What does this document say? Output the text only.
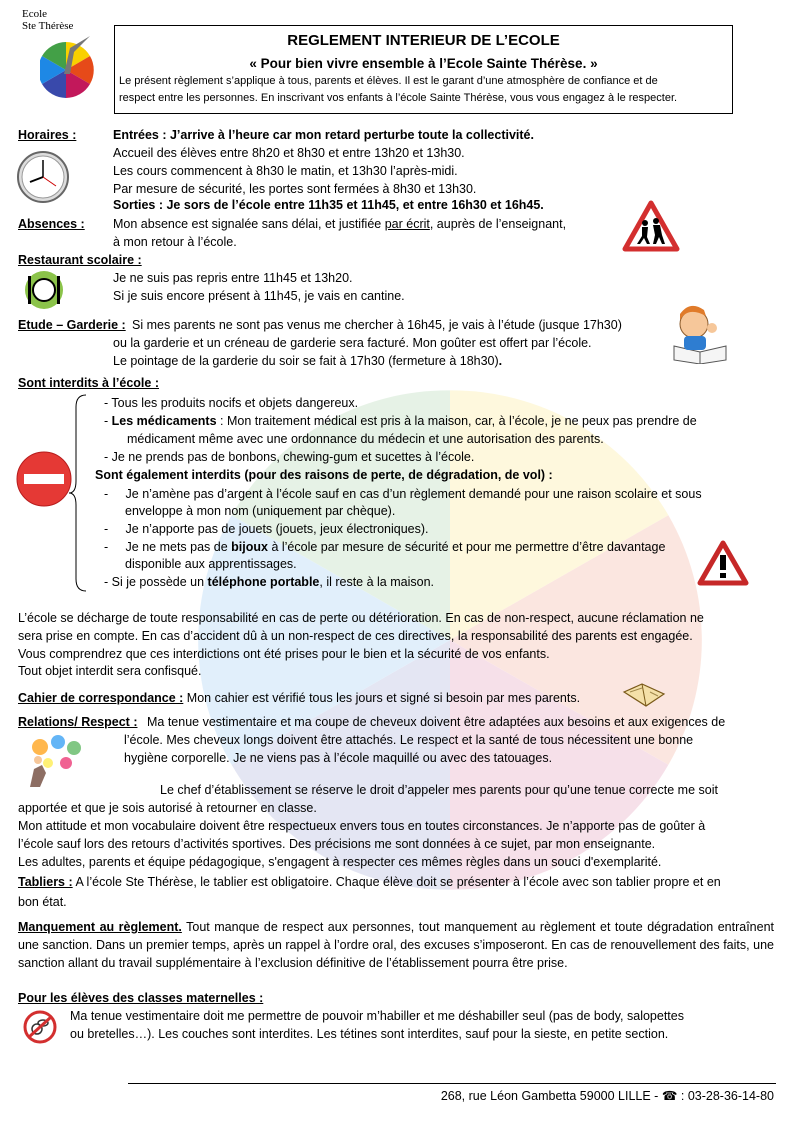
Ecole
Ste Thérèse
REGLEMENT INTERIEUR DE L’ECOLE
« Pour bien vivre ensemble à l’Ecole Sainte Thérèse. »
Le présent règlement s’applique à tous, parents et élèves. Il est le garant d’une atmosphère de confiance et de
respect entre les personnes. En inscrivant vos enfants à l’école Sainte Thérèse, vous vous engagez à le respecter.
Horaires :	Entrées : J’arrive à l’heure car mon retard perturbe toute la collectivité.
Accueil des élèves entre 8h20 et 8h30 et entre 13h20 et 13h30.
Les cours commencent à 8h30 le matin, et 13h30 l’après-midi.
Par mesure de sécurité, les portes sont fermées à 8h30 et 13h30.
Sorties : Je sors de l’école entre 11h35 et 11h45, et entre 16h30 et 16h45.
Absences : Mon absence est signalée sans délai, et justifiée par écrit, auprès de l’enseignant,
à mon retour à l’école.
Restaurant scolaire :
Je ne suis pas repris entre 11h45 et 13h20.
Si je suis encore présent à 11h45, je vais en cantine.
Etude – Garderie : Si mes parents ne sont pas venus me chercher à 16h45, je vais à l’étude (jusque 17h30)
ou la garderie et un créneau de garderie sera facturé. Mon goûter est offert par l’école.
Le pointage de la garderie du soir se fait à 17h30 (fermeture à 18h30).
Sont interdits à l’école :
- Tous les produits nocifs et objets dangereux.
- Les médicaments : Mon traitement médical est pris à la maison, car, à l’école, je ne peux pas prendre de
médicament même avec une ordonnance du médecin et une autorisation des parents.
- Je ne prends pas de bonbons, chewing-gum et sucettes à l’école.
Sont également interdits (pour des raisons de perte, de dégradation, de vol) :
-     Je n’amène pas d’argent à l’école sauf en cas d’un règlement demandé pour une raison scolaire et sous
enveloppe à mon nom (uniquement par chèque).
-     Je n’apporte pas de jouets (jouets, jeux électroniques).
-     Je ne mets pas de bijoux à l’école par mesure de sécurité et pour me permettre d’être davantage
disponible aux apprentissages.
- Si je possède un téléphone portable, il reste à la maison.
L’école se décharge de toute responsabilité en cas de perte ou détérioration. En cas de non-respect, aucune réclamation ne
sera prise en compte. En cas d’accident dû à un non-respect de ces directives, la responsabilité des parents est engagée.
Vous comprendrez que ces interdictions ont été prises pour le bien et la sécurité de vos enfants.
Tout objet interdit sera confisqué.
Cahier de correspondance : Mon cahier est vérifié tous les jours et signé si besoin par mes parents.
Relations/ Respect : Ma tenue vestimentaire et ma coupe de cheveux doivent être adaptées aux besoins et aux exigences de
l’école. Mes cheveux longs doivent être attachés. Le respect et la santé de tous nécessitent une bonne
hygiène corporelle. Je ne viens pas à l’école maquillé ou avec des tatouages.
Le chef d’établissement se réserve le droit d’appeler mes parents pour qu’une tenue correcte me soit
apportée et que je sois autorisé à retourner en classe.
Mon attitude et mon vocabulaire doivent être respectueux envers tous en toutes circonstances. Je n’apporte pas de goûter à
l’école sauf lors des retours d’activités sportives. Des précisions me sont données à ce sujet, par mon enseignante.
Les adultes, parents et équipe pédagogique, s'engagent à respecter ces mêmes règles dans un souci d'exemplarité.
Tabliers : A l’école Ste Thérèse, le tablier est obligatoire. Chaque élève doit se présenter à l’école avec son tablier propre et en
bon état.
Manquement au règlement. Tout manque de respect aux personnes, tout manquement au règlement et toute dégradation entraînent une sanction. Dans un premier temps, après un rappel à l’ordre oral, des excuses s’imposeront. En cas de renouvellement des faits, une sanction allant du travail supplémentaire à l’exclusion définitive de l’établissement pourra être prise.
Pour les élèves des classes maternelles :
Ma tenue vestimentaire doit me permettre de pouvoir m’habiller et me déshabiller seul (pas de body, salopettes
ou bretelles…). Les couches sont interdites. Les tétines sont interdites, sauf pour la sieste, en petite section.
268, rue Léon Gambetta 59000 LILLE - ☎ : 03-28-36-14-80
